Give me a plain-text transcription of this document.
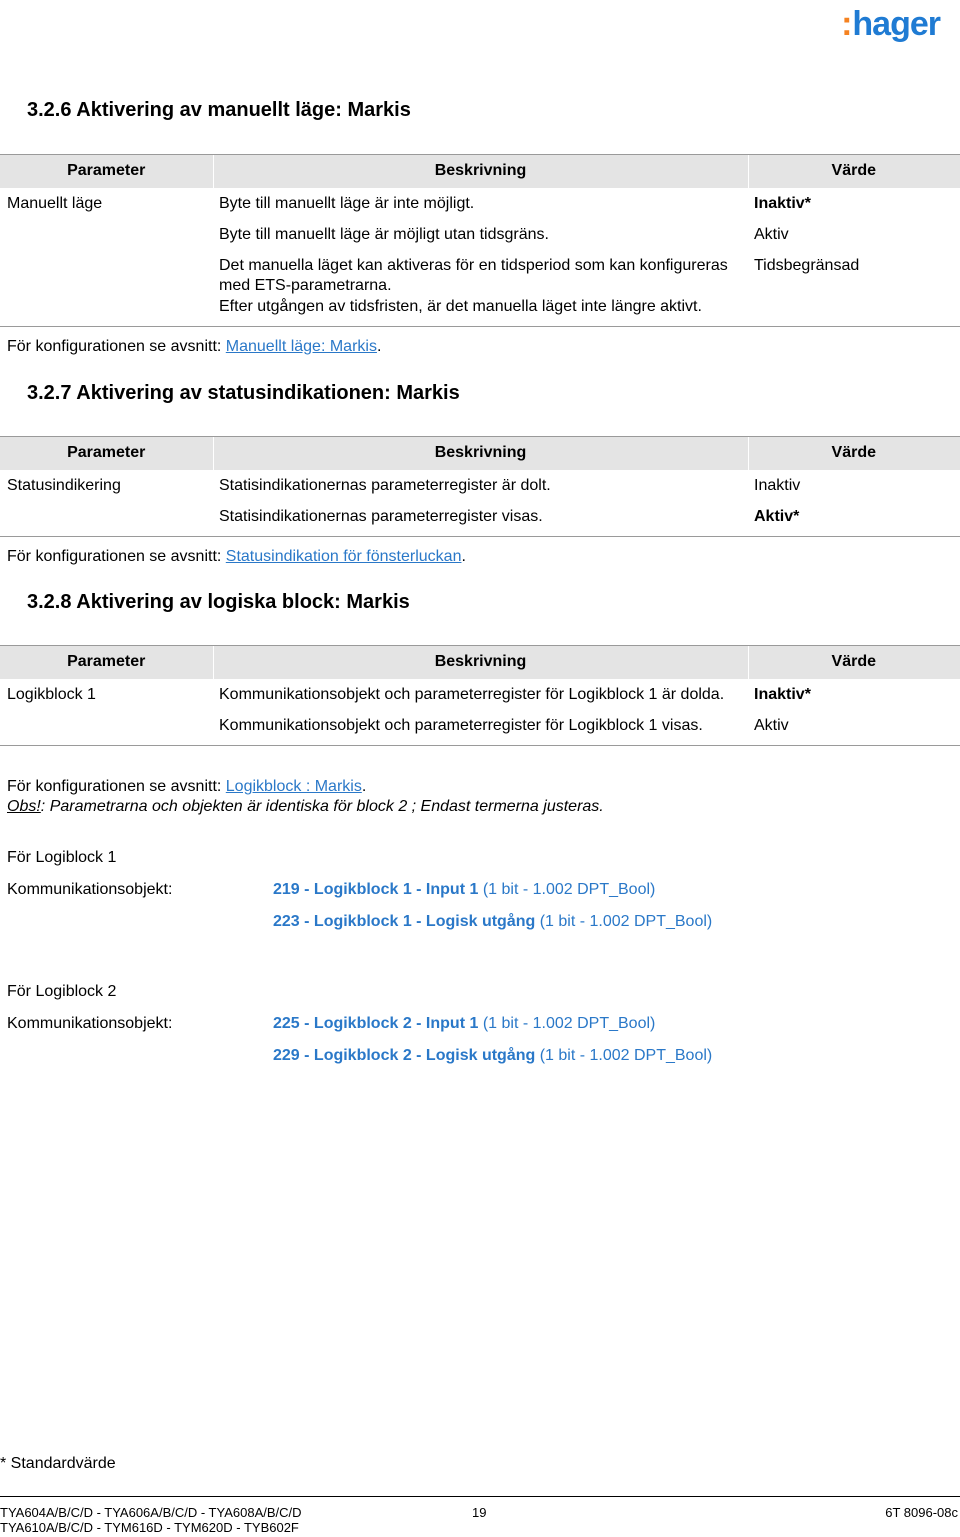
:hager
3.2.6 Aktivering av manuellt läge: Markis
Parameter	Beskrivning	Värde
Manuellt läge	Byte till manuellt läge är inte möjligt.	Inaktiv*
	Byte till manuellt läge är möjligt utan tidsgräns.	Aktiv

	Det manuella läget kan aktiveras för en tidsperiod som kan konfigureras med ETS-parametrarna.
Efter utgången av tidsfristen, är det manuella läget inte längre aktivt.	Tidsbegränsad

För konfigurationen se avsnitt: Manuellt läge: Markis.

3.2.7 Aktivering av statusindikationen: Markis
Parameter	Beskrivning	Värde
Statusindikering	Statisindikationernas parameterregister är dolt.	Inaktiv
	Statisindikationernas parameterregister visas.	Aktiv*

För konfigurationen se avsnitt: Statusindikation för fönsterluckan.

3.2.8 Aktivering av logiska block: Markis
Parameter	Beskrivning	Värde
Logikblock 1	Kommunikationsobjekt och parameterregister för Logikblock 1 är dolda.	Inaktiv*
	Kommunikationsobjekt och parameterregister för Logikblock 1 visas.	Aktiv

För konfigurationen se avsnitt: Logikblock : Markis.

Obs!: Parametrarna och objekten är identiska för block 2 ; Endast termerna justeras.

För Logiblock 1
Kommunikationsobjekt:	219 - Logikblock 1 - Input 1 (1 bit - 1.002 DPT_Bool)
223 - Logikblock 1 - Logisk utgång (1 bit - 1.002 DPT_Bool)
För Logiblock 2
Kommunikationsobjekt:	225 - Logikblock 2 - Input 1 (1 bit - 1.002 DPT_Bool)
229 - Logikblock 2 - Logisk utgång (1 bit - 1.002 DPT_Bool)
* Standardvärde
TYA604A/B/C/D - TYA606A/B/C/D - TYA608A/B/C/D
TYA610A/B/C/D - TYM616D - TYM620D - TYB602F
19	6T 8096-08c
